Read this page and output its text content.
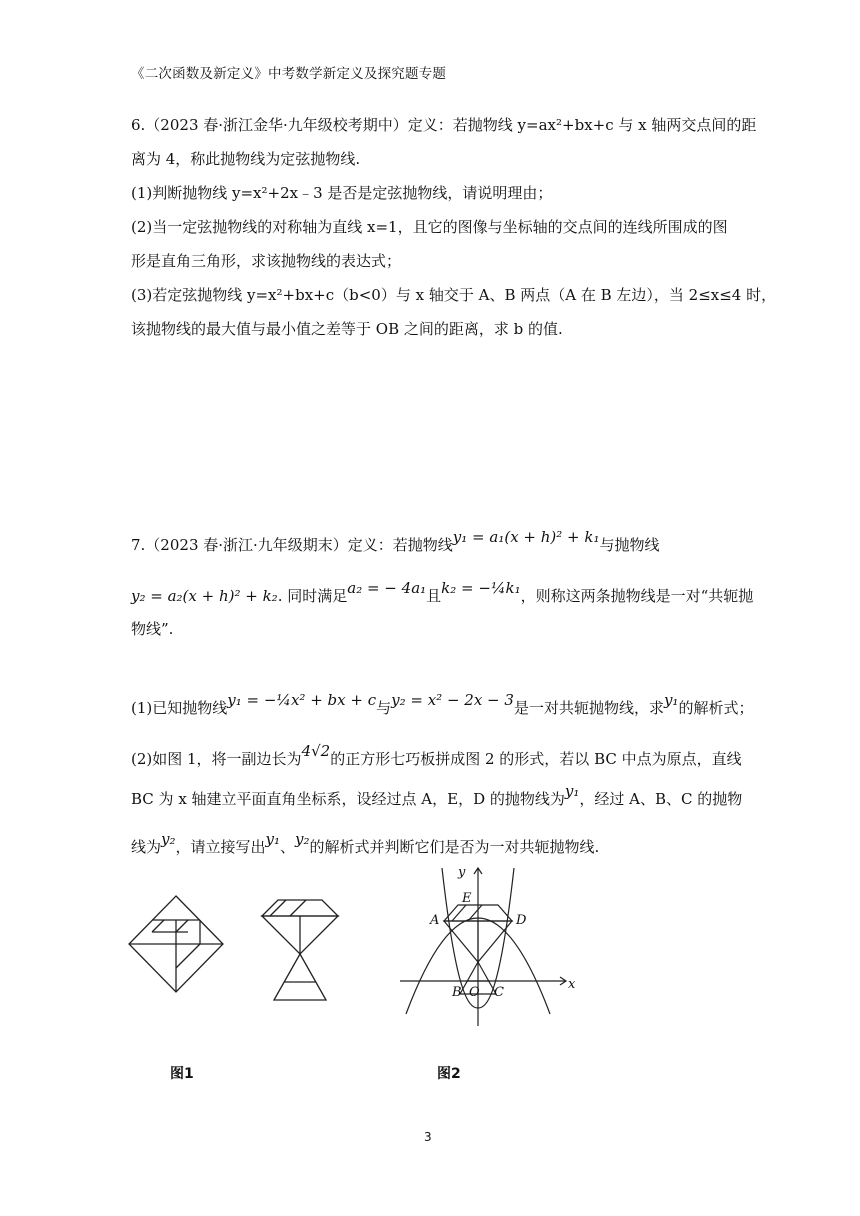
《二次函数及新定义》中考数学新定义及探究题专题
6.（2023 春·浙江金华·九年级校考期中）定义：若抛物线 y=ax²+bx+c 与 x 轴两交点间的距
离为 4，称此抛物线为定弦抛物线.
(1)判断抛物线 y=x²+2x﹣3 是否是定弦抛物线，请说明理由；
(2)当一定弦抛物线的对称轴为直线 x=1，且它的图像与坐标轴的交点间的连线所围成的图
形是直角三角形，求该抛物线的表达式；
(3)若定弦抛物线 y=x²+bx+c（b<0）与 x 轴交于 A、B 两点（A 在 B 左边），当 2≤x≤4 时，
该抛物线的最大值与最小值之差等于 OB 之间的距离，求 b 的值.
7.（2023 春·浙江·九年级期末）定义：若抛物线y₁ = a₁(x + h)² + k₁与抛物线
y₂ = a₂(x + h)² + k₂. 同时满足a₂ = − 4a₁且k₂ = −¼k₁，则称这两条抛物线是一对“共轭抛
物线”.
(1)已知抛物线y₁ = −¼x² + bx + c与y₂ = x² − 2x − 3是一对共轭抛物线，求y₁的解析式；
(2)如图 1，将一副边长为4√2的正方形七巧板拼成图 2 的形式，若以 BC 中点为原点，直线
BC 为 x 轴建立平面直角坐标系，设经过点 A，E，D 的抛物线为y₁，经过 A、B、C 的抛物
线为y₂，请立接写出y₁、y₂的解析式并判断它们是否为一对共轭抛物线.
y
x
A
E
D
B O C
图1	图2
3
